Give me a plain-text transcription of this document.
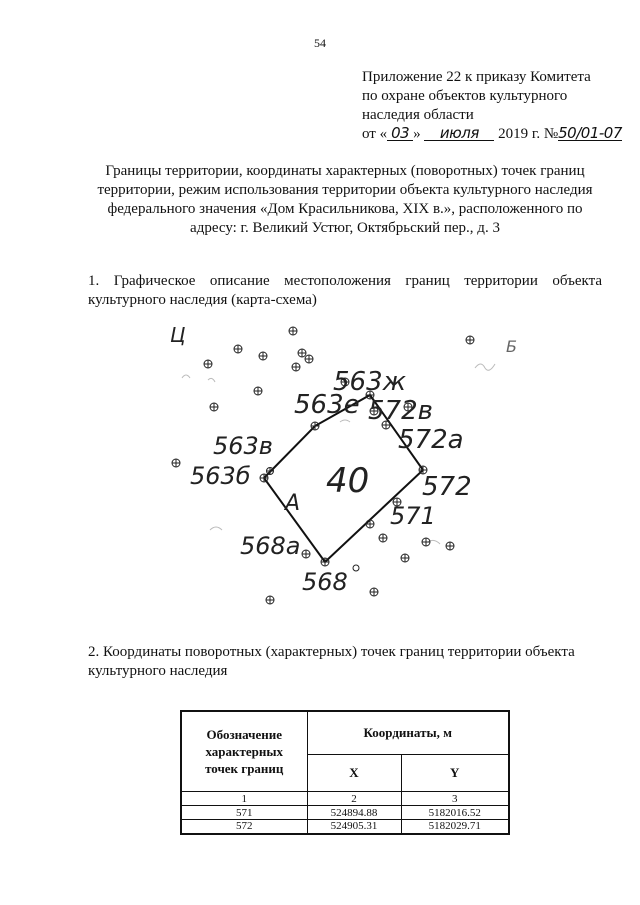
54
Приложение 22 к приказу Комитета
по охране объектов культурного
наследия области
от « 03 » июля 2019 г. №50/01-07
Границы территории, координаты характерных (поворотных) точек границ территории, режим использования территории объекта культурного наследия федерального значения «Дом Красильникова, XIX в.», расположенного по адресу: г. Великий Устюг, Октябрьский пер., д. 3
1. Графическое описание местоположения границ территории объекта культурного наследия (карта-схема)
563ж
563е 572в
572а
563в
563б	572
571
568а
568
40
А
Ц	Б
2. Координаты поворотных (характерных) точек границ территории объекта культурного наследия
Обозначение характерных точек границ	Координаты, м	
	X	Y
1	2	3
571	524894.88	5182016.52
572	524905.31	5182029.71
